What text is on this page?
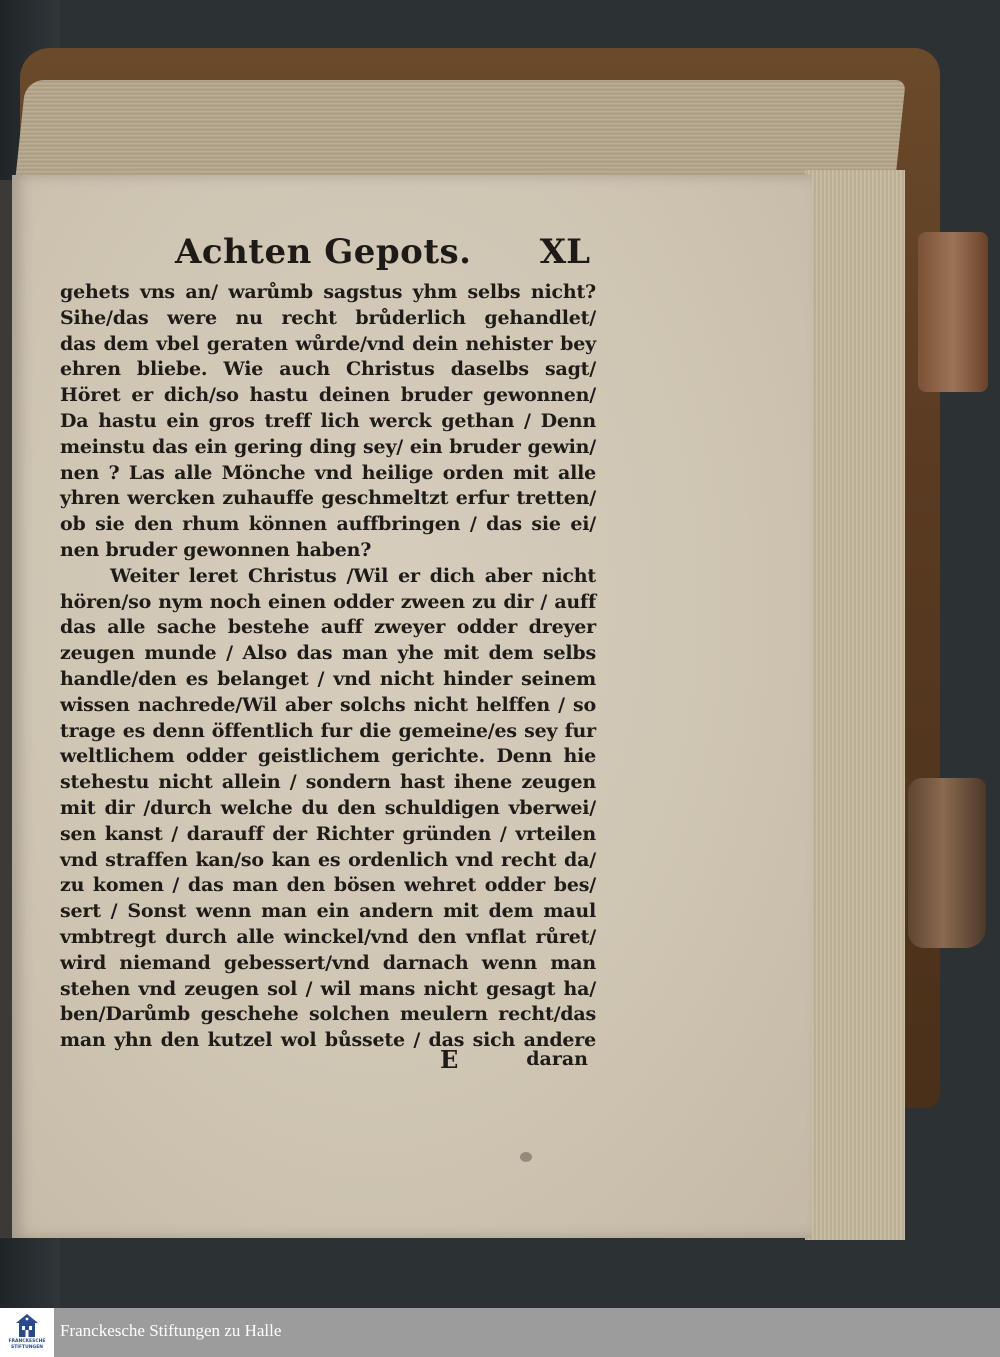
Achten Gepots. XL
gehets vns an/ warůmb sagstus yhm selbs nicht?
Sihe/das were nu recht brůderlich gehandlet/
das dem vbel geraten wůrde/vnd dein nehister bey
ehren bliebe. Wie auch Christus daselbs sagt/
Höret er dich/so hastu deinen bruder gewonnen/
Da hastu ein gros treff lich werck gethan / Denn
meinstu das ein gering ding sey/ ein bruder gewin/
nen ? Las alle Mönche vnd heilige orden mit alle
yhren wercken zuhauffe geschmeltzt erfur tretten/
ob sie den rhum können auffbringen / das sie ei/
nen bruder gewonnen haben?
Weiter leret Christus /Wil er dich aber nicht
hören/so nym noch einen odder zween zu dir / auff
das alle sache bestehe auff zweyer odder dreyer
zeugen munde / Also das man yhe mit dem selbs
handle/den es belanget / vnd nicht hinder seinem
wissen nachrede/Wil aber solchs nicht helffen / so
trage es denn öffentlich fur die gemeine/es sey fur
weltlichem odder geistlichem gerichte. Denn hie
stehestu nicht allein / sondern hast ihene zeugen
mit dir /durch welche du den schuldigen vberwei/
sen kanst / darauff der Richter gründen / vrteilen
vnd straffen kan/so kan es ordenlich vnd recht da/
zu komen / das man den bösen wehret odder bes/
sert / Sonst wenn man ein andern mit dem maul
vmbtregt durch alle winckel/vnd den vnflat růret/
wird niemand gebessert/vnd darnach wenn man
stehen vnd zeugen sol / wil mans nicht gesagt ha/
ben/Darůmb geschehe solchen meulern recht/das
man yhn den kutzel wol bůssete / das sich andere
E	daran
FRANCKESCHE
STIFTUNGEN
Franckesche Stiftungen zu Halle
